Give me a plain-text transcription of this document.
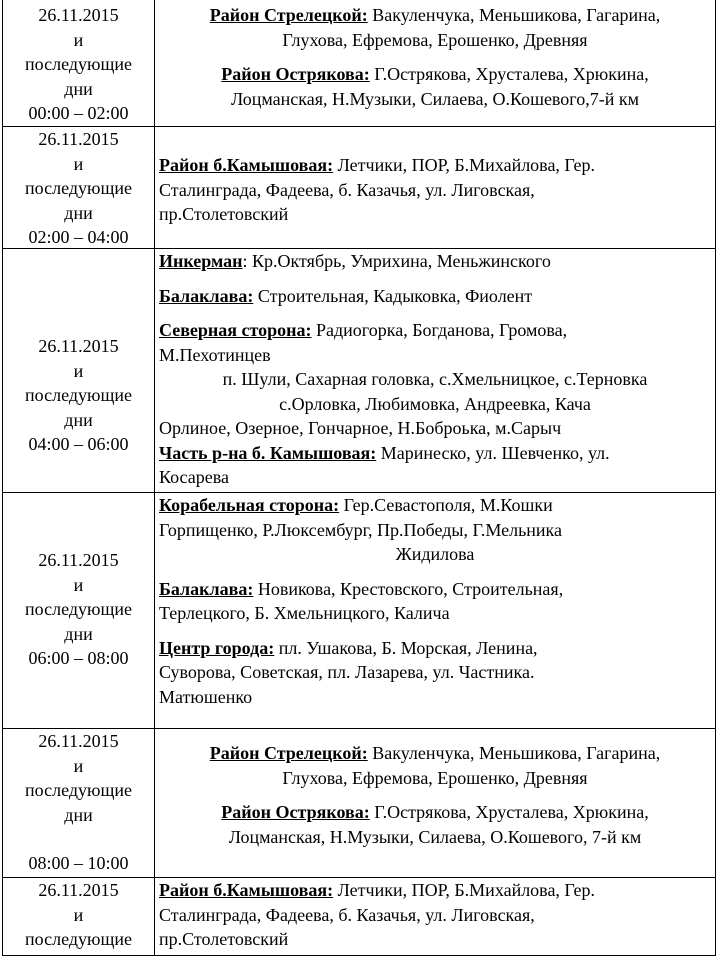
26.11.2015
и
последующие
дни
00:00 – 02:00
Район Стрелецкой: Вакуленчука, Меньшикова, Гагарина,
Глухова, Ефремова, Ерошенко, Древняя
Район Острякова: Г.Острякова, Хрусталева, Хрюкина,
Лоцманская, Н.Музыки, Силаева, О.Кошевого,7-й км
26.11.2015
и
последующие
дни
02:00 – 04:00
Район б.Камышовая: Летчики, ПОР, Б.Михайлова, Гер.
Сталинграда, Фадеева, б. Казачья, ул. Лиговская,
пр.Столетовский
26.11.2015
и
последующие
дни
04:00 – 06:00
Инкерман: Кр.Октябрь, Умрихина, Меньжинского
Балаклава: Строительная, Кадыковка, Фиолент
Северная сторона: Радиогорка, Богданова, Громова,
М.Пехотинцев
п. Шули, Сахарная головка, с.Хмельницкое, с.Терновка
с.Орловка, Любимовка, Андреевка, Кача
Орлиное, Озерное, Гончарное, Н.Боброька, м.Сарыч
Часть р-на б. Камышовая: Маринеско, ул. Шевченко, ул.
Косарева
26.11.2015
и
последующие
дни
06:00 – 08:00
Корабельная сторона: Гер.Севастополя, М.Кошки
Горпищенко, Р.Люксембург, Пр.Победы, Г.Мельника
Жидилова
Балаклава: Новикова, Крестовского, Строительная,
Терлецкого, Б. Хмельницкого, Калича
Центр города: пл. Ушакова, Б. Морская, Ленина,
Суворова, Советская, пл. Лазарева, ул. Частника.
Матюшенко
26.11.2015
и
последующие
дни
08:00 – 10:00
Район Стрелецкой: Вакуленчука, Меньшикова, Гагарина,
Глухова, Ефремова, Ерошенко, Древняя
Район Острякова: Г.Острякова, Хрусталева, Хрюкина,
Лоцманская, Н.Музыки, Силаева, О.Кошевого, 7-й км
26.11.2015
и
последующие
Район б.Камышовая: Летчики, ПОР, Б.Михайлова, Гер.
Сталинграда, Фадеева, б. Казачья, ул. Лиговская,
пр.Столетовский
